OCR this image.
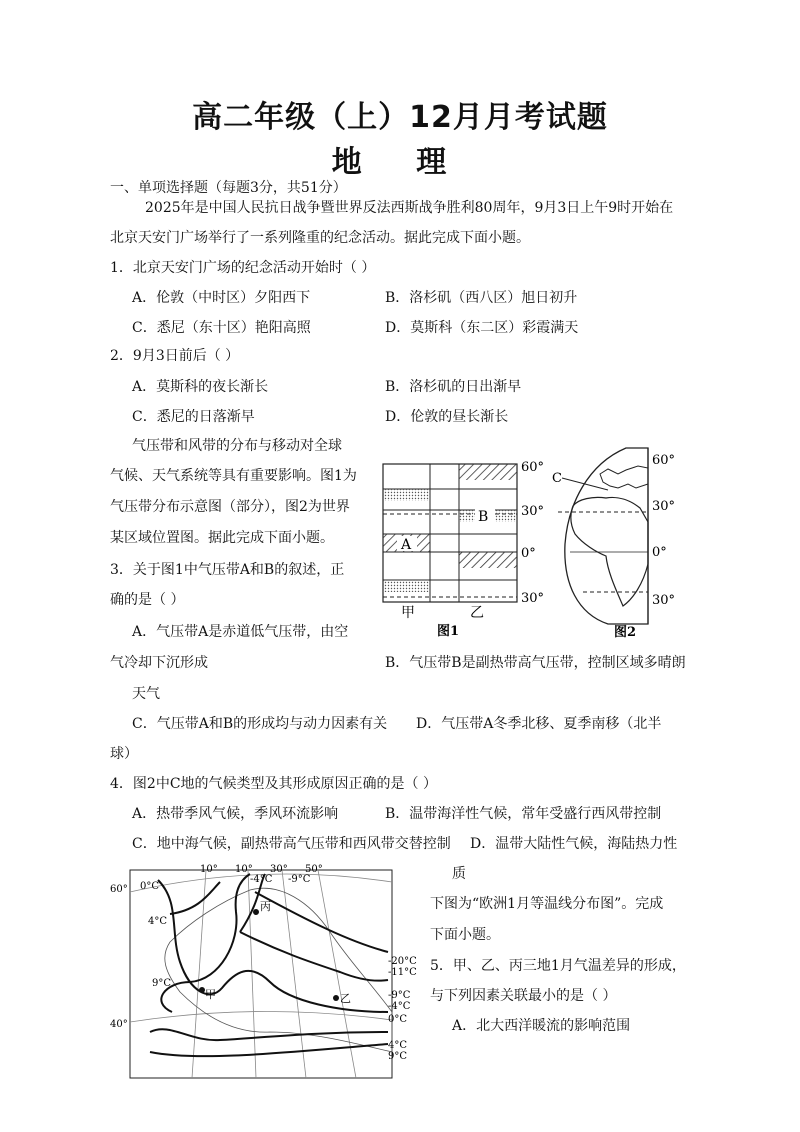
高二年级（上）12月月考试题
地 理
一、单项选择题（每题3分，共51分）
2025年是中国人民抗日战争暨世界反法西斯战争胜利80周年，9月3日上午9时开始在
北京天安门广场举行了一系列隆重的纪念活动。据此完成下面小题。
1．北京天安门广场的纪念活动开始时（ ）
A．伦敦（中时区）夕阳西下	B．洛杉矶（西八区）旭日初升
C．悉尼（东十区）艳阳高照	D．莫斯科（东二区）彩霞满天
2．9月3日前后（ ）
A．莫斯科的夜长渐长	B．洛杉矶的日出渐早
C．悉尼的日落渐早	D．伦敦的昼长渐长
气压带和风带的分布与移动对全球
气候、天气系统等具有重要影响。图1为
气压带分布示意图（部分），图2为世界
某区域位置图。据此完成下面小题。
3．关于图1中气压带A和B的叙述，正
确的是（ ）
A．气压带A是赤道低气压带，由空
气冷却下沉形成	B．气压带B是副热带高气压带，控制区域多晴朗
天气
C．气压带A和B的形成均与动力因素有关 D．气压带A冬季北移、夏季南移（北半
球）
4．图2中C地的气候类型及其形成原因正确的是（ ）
A．热带季风气候，季风环流影响	B．温带海洋性气候，常年受盛行西风带控制
C．地中海气候，副热带高气压带和西风带交替控制 D．温带大陆性气候，海陆热力性
质
下图为“欧洲1月等温线分布图”。完成
下面小题。
5．甲、乙、丙三地1月气温差异的形成，
与下列因素关联最小的是（ ）
A．北大西洋暖流的影响范围
A
B
60°
30°
0°
30°
甲	乙
图1
C
60°
30°
0°
30°
图2
丙
甲	乙
10° 10° 30° 50°
60°
40°
0°C
4°C
9°C
-4°C -9°C
-20°C
-11°C
-9°C
-4°C
0°C
4°C
9°C
